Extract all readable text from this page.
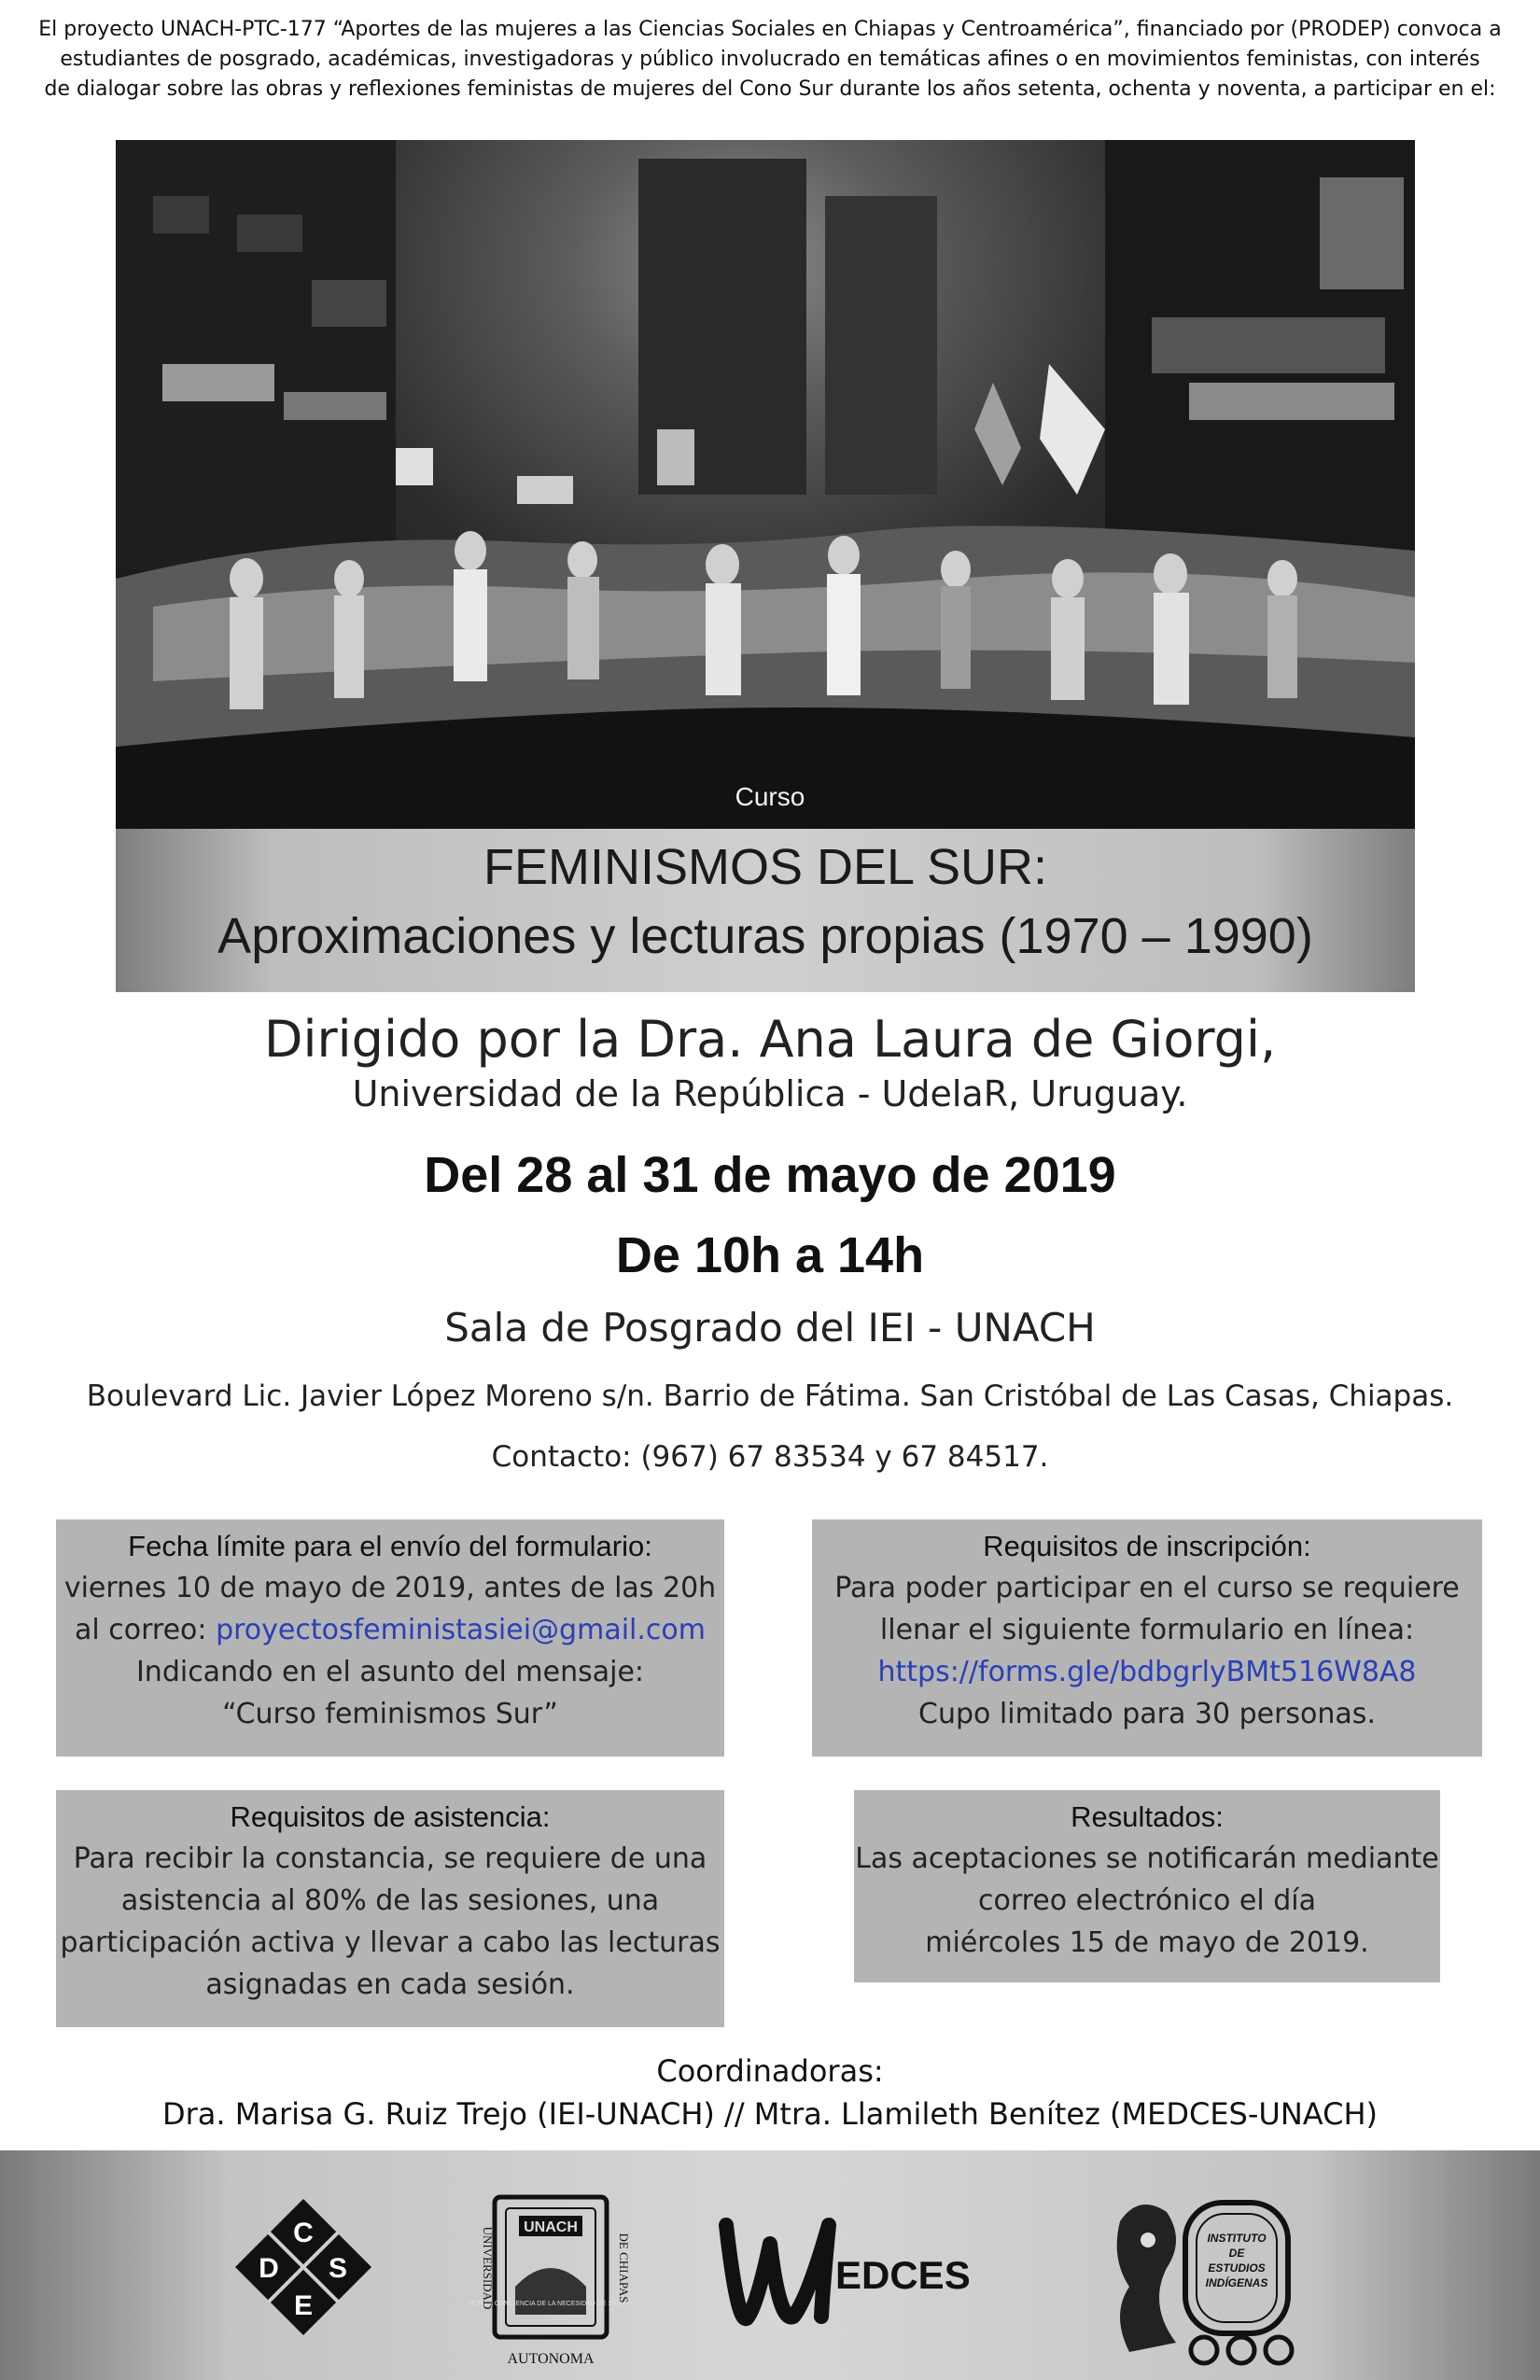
El proyecto UNACH-PTC-177 “Aportes de las mujeres a las Ciencias Sociales en Chiapas y Centroamérica”, financiado por (PRODEP) convoca a
estudiantes de posgrado, académicas, investigadoras y público involucrado en temáticas afines o en movimientos feministas, con interés
de dialogar sobre las obras y reflexiones feministas de mujeres del Cono Sur durante los años setenta, ochenta y noventa, a participar en el:
Curso
FEMINISMOS DEL SUR:
Aproximaciones y lecturas propias (1970 – 1990)
Dirigido por la Dra. Ana Laura de Giorgi,
Universidad de la República - UdelaR, Uruguay.
Del 28 al 31 de mayo de 2019
De 10h a 14h
Sala de Posgrado del IEI - UNACH
Boulevard Lic. Javier López Moreno s/n. Barrio de Fátima. San Cristóbal de Las Casas, Chiapas.
Contacto: (967) 67 83534 y 67 84517.
Fecha límite para el envío del formulario:
viernes 10 de mayo de 2019, antes de las 20h
al correo: proyectosfeministasiei@gmail.com
Indicando en el asunto del mensaje:
“Curso feminismos Sur”
Requisitos de inscripción:
Para poder participar en el curso se requiere
llenar el siguiente formulario en línea:
https://forms.gle/bdbgrlyBMt516W8A8
Cupo limitado para 30 personas.
Requisitos de asistencia:
Para recibir la constancia, se requiere de una
asistencia al 80% de las sesiones, una
participación activa y llevar a cabo las lecturas
asignadas en cada sesión.
Resultados:
Las aceptaciones se notificarán mediante
correo electrónico el día
miércoles 15 de mayo de 2019.
Coordinadoras:
Dra. Marisa G. Ruiz Trejo (IEI-UNACH) // Mtra. Llamileth Benítez (MEDCES-UNACH)
C
D S
E
UNACH
POR LA CONCIENCIA DE LA NECESIDAD DE SERVIR
UNIVERSIDAD	DE CHIAPAS
AUTONOMA
EDCES
INSTITUTO
DE
ESTUDIOS
INDÍGENAS
